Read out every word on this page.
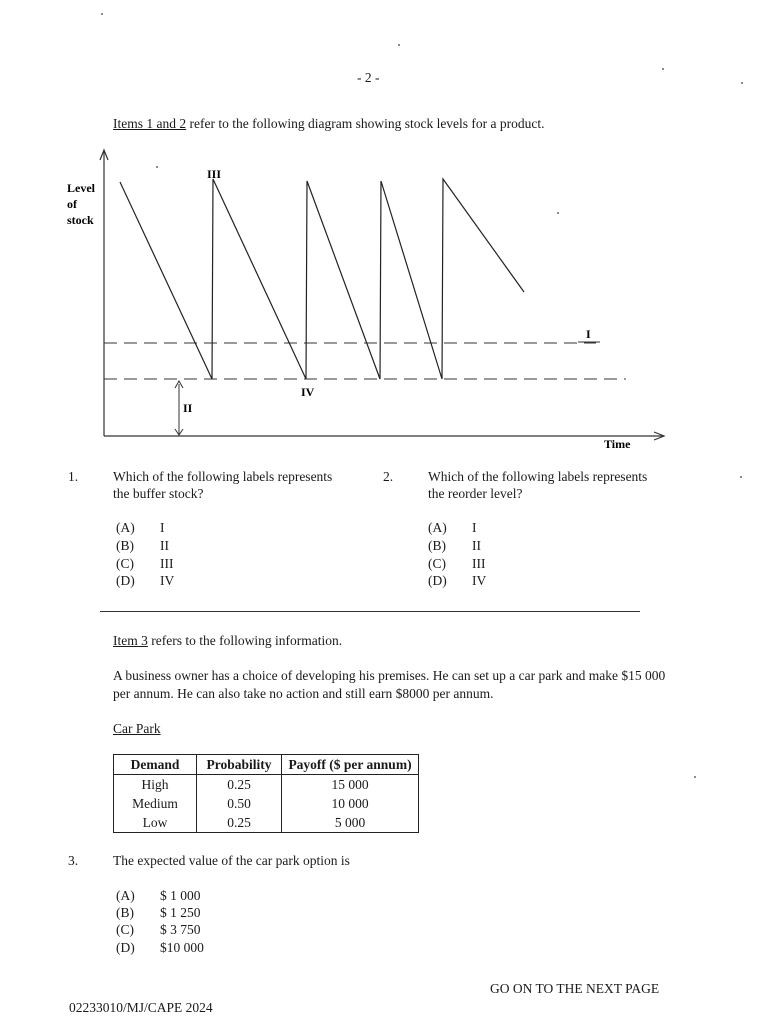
- 2 -
Items 1 and 2 refer to the following diagram showing stock levels for a product.
Level
of
stock
Time
III
I
II
IV
1.	Which of the following labels represents
the buffer stock?
(A) I
(B) II
(C) III
(D) IV
2.	Which of the following labels represents
the reorder level?
(A) I
(B) II
(C) III
(D) IV
Item 3 refers to the following information.
A business owner has a choice of developing his premises. He can set up a car park and make $15 000 per annum. He can also take no action and still earn $8000 per annum.
Car Park
Demand	Probability	Payoff ($ per annum)
High	0.25	15 000
Medium	0.50	10 000
Low	0.25	5 000
3.	The expected value of the car park option is
(A) $ 1 000
(B) $ 1 250
(C) $ 3 750
(D) $10 000
GO ON TO THE NEXT PAGE
02233010/MJ/CAPE 2024
